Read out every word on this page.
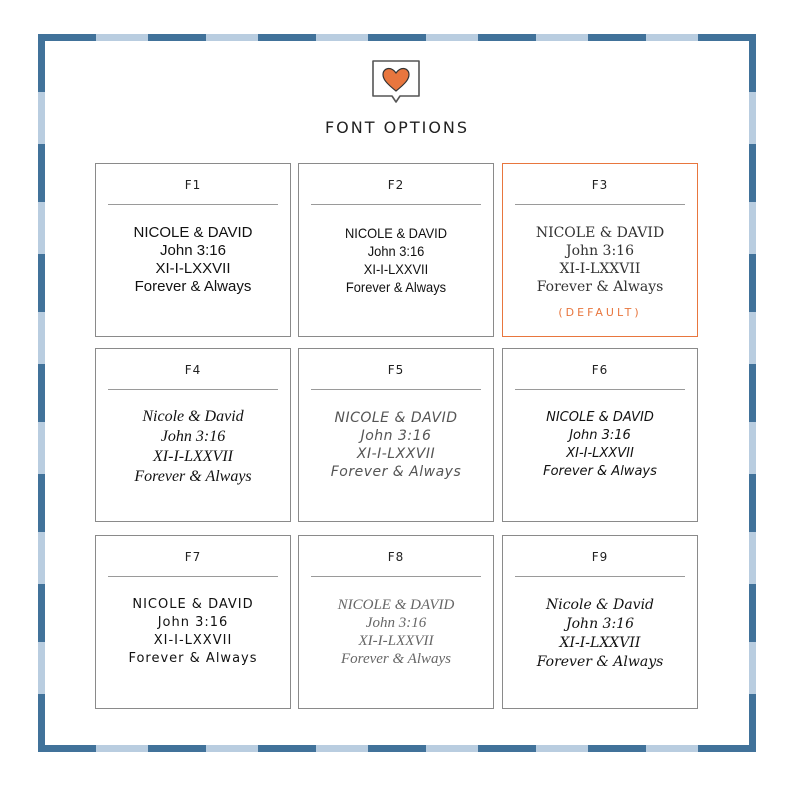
FONT OPTIONS
F1
NICOLE & DAVID
John 3:16
XI-I-LXXVII
Forever & Always
F2
NICOLE & DAVID
John 3:16
XI-I-LXXVII
Forever & Always
F3
NICOLE & DAVID
John 3:16
XI-I-LXXVII
Forever & Always
(DEFAULT)
F4
Nicole & David
John 3:16
XI-I-LXXVII
Forever & Always
F5
NICOLE & DAVID
John 3:16
XI-I-LXXVII
Forever & Always
F6
NICOLE & DAVID
John 3:16
XI-I-LXXVII
Forever & Always
F7
NICOLE & DAVID
John 3:16
XI-I-LXXVII
Forever & Always
F8
NICOLE & DAVID
John 3:16
XI-I-LXXVII
Forever & Always
F9
Nicole & David
John 3:16
XI-I-LXXVII
Forever & Always
